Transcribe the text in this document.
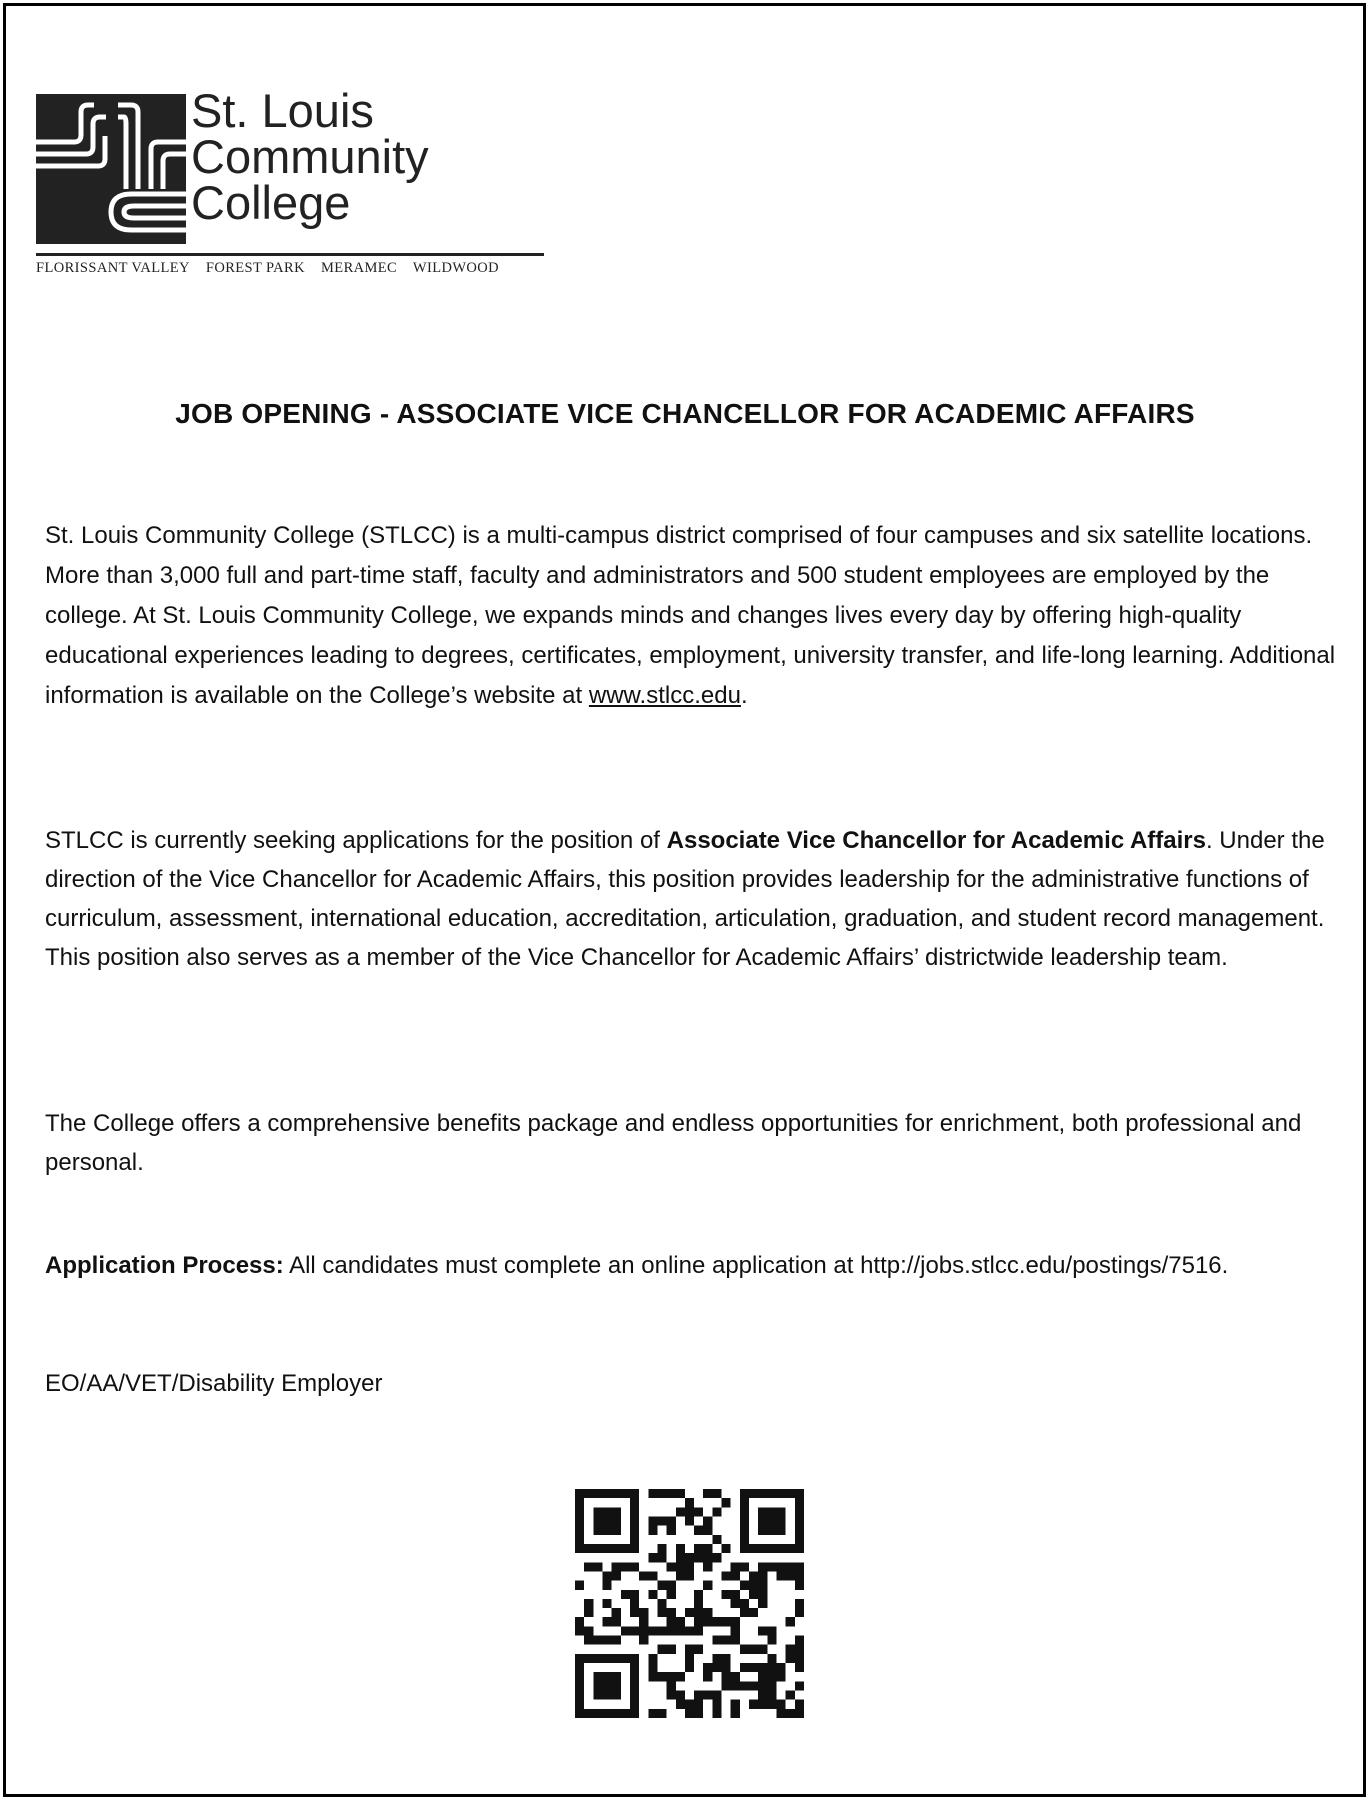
St. Louis
Community
College
FLORISSANT VALLEY FOREST PARK MERAMEC WILDWOOD
JOB OPENING - ASSOCIATE VICE CHANCELLOR FOR ACADEMIC AFFAIRS
St. Louis Community College (STLCC) is a multi-campus district comprised of four campuses and six satellite locations. More than 3,000 full and part-time staff, faculty and administrators and 500 student employees are employed by the college. At St. Louis Community College, we expands minds and changes lives every day by offering high-quality educational experiences leading to degrees, certificates, employment, university transfer, and life-long learning. Additional information is available on the College’s website at www.stlcc.edu.
STLCC is currently seeking applications for the position of Associate Vice Chancellor for Academic Affairs. Under the direction of the Vice Chancellor for Academic Affairs, this position provides leadership for the administrative functions of curriculum, assessment, international education, accreditation, articulation, graduation, and student record management. This position also serves as a member of the Vice Chancellor for Academic Affairs’ districtwide leadership team.
The College offers a comprehensive benefits package and endless opportunities for enrichment, both professional and personal.
Application Process: All candidates must complete an online application at http://jobs.stlcc.edu/postings/7516.
EO/AA/VET/Disability Employer
